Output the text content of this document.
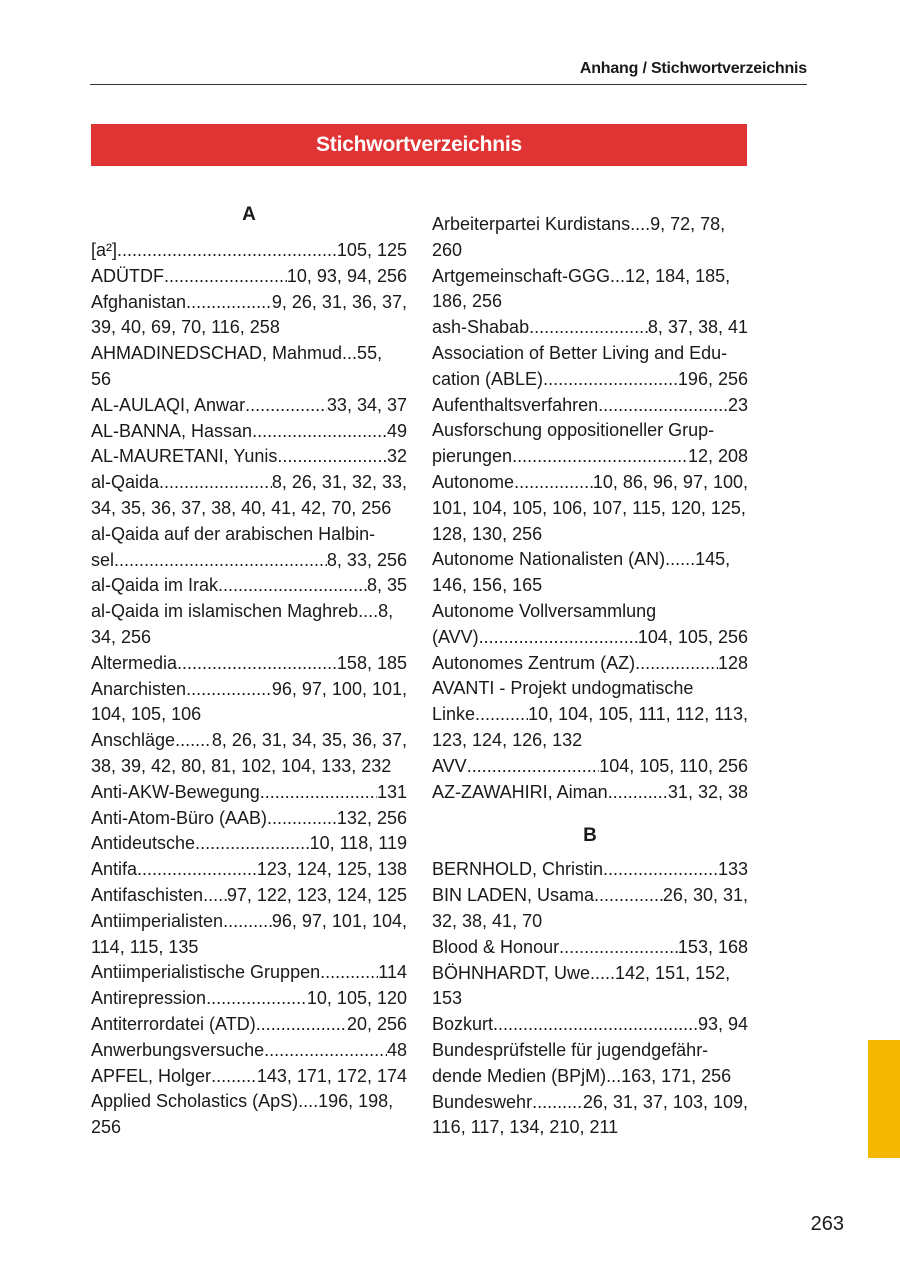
Anhang / Stichwortverzeichnis
Stichwortverzeichnis
A
[a²] .....	105, 125
ADÜTDF .....	10, 93, 94, 256
Afghanistan .....	9, 26, 31, 36, 37,
39, 40, 69, 70, 116, 258
AHMADINEDSCHAD, Mahmud...55,
56
AL-AULAQI, Anwar .....	33, 34, 37
AL-BANNA, Hassan .....	49
AL-MAURETANI, Yunis .....	32
al-Qaida .....	8, 26, 31, 32, 33,
34, 35, 36, 37, 38, 40, 41, 42, 70, 256
al-Qaida auf der arabischen Halbin-
sel .....	8, 33, 256
al-Qaida im Irak .....	8, 35
al-Qaida im islamischen Maghreb....8,
34, 256
Altermedia .....	158, 185
Anarchisten .....	96, 97, 100, 101,
104, 105, 106
Anschläge ..... 8, 26, 31, 34, 35, 36, 37,
38, 39, 42, 80, 81, 102, 104, 133, 232
Anti-AKW-Bewegung .....	131
Anti-Atom-Büro (AAB) .....	132, 256
Antideutsche .....	10, 118, 119
Antifa .....	123, 124, 125, 138
Antifaschisten ..... 97, 122, 123, 124, 125
Antiimperialisten .....	96, 97, 101, 104,
114, 115, 135
Antiimperialistische Gruppen .....	114
Antirepression .....	10, 105, 120
Antiterrordatei (ATD) .....	20, 256
Anwerbungsversuche .....	48
APFEL, Holger .....	143, 171, 172, 174
Applied Scholastics (ApS)....196, 198,
256
Arbeiterpartei Kurdistans....9, 72, 78,
260
Artgemeinschaft-GGG...12, 184, 185,
186, 256
ash-Shabab .....	8, 37, 38, 41
Association of Better Living and Edu-
cation (ABLE) .....	196, 256
Aufenthaltsverfahren .....	23
Ausforschung oppositioneller Grup-
pierungen .....	12, 208
Autonome .....	10, 86, 96, 97, 100,
101, 104, 105, 106, 107, 115, 120, 125,
128, 130, 256
Autonome Nationalisten (AN)......145,
146, 156, 165
Autonome Vollversammlung
(AVV) .....	104, 105, 256
Autonomes Zentrum (AZ) .....	128
AVANTI - Projekt undogmatische
Linke .....	10, 104, 105, 111, 112, 113,
123, 124, 126, 132
AVV .....	104, 105, 110, 256
AZ-ZAWAHIRI, Aiman .....	31, 32, 38
B
BERNHOLD, Christin .....	133
BIN LADEN, Usama .....	26, 30, 31,
32, 38, 41, 70
Blood & Honour .....	153, 168
BÖHNHARDT, Uwe.....142, 151, 152,
153
Bozkurt .....	93, 94
Bundesprüfstelle für jugendgefähr-
dende Medien (BPjM)...163, 171, 256
Bundeswehr .....	26, 31, 37, 103, 109,
116, 117, 134, 210, 211
263
